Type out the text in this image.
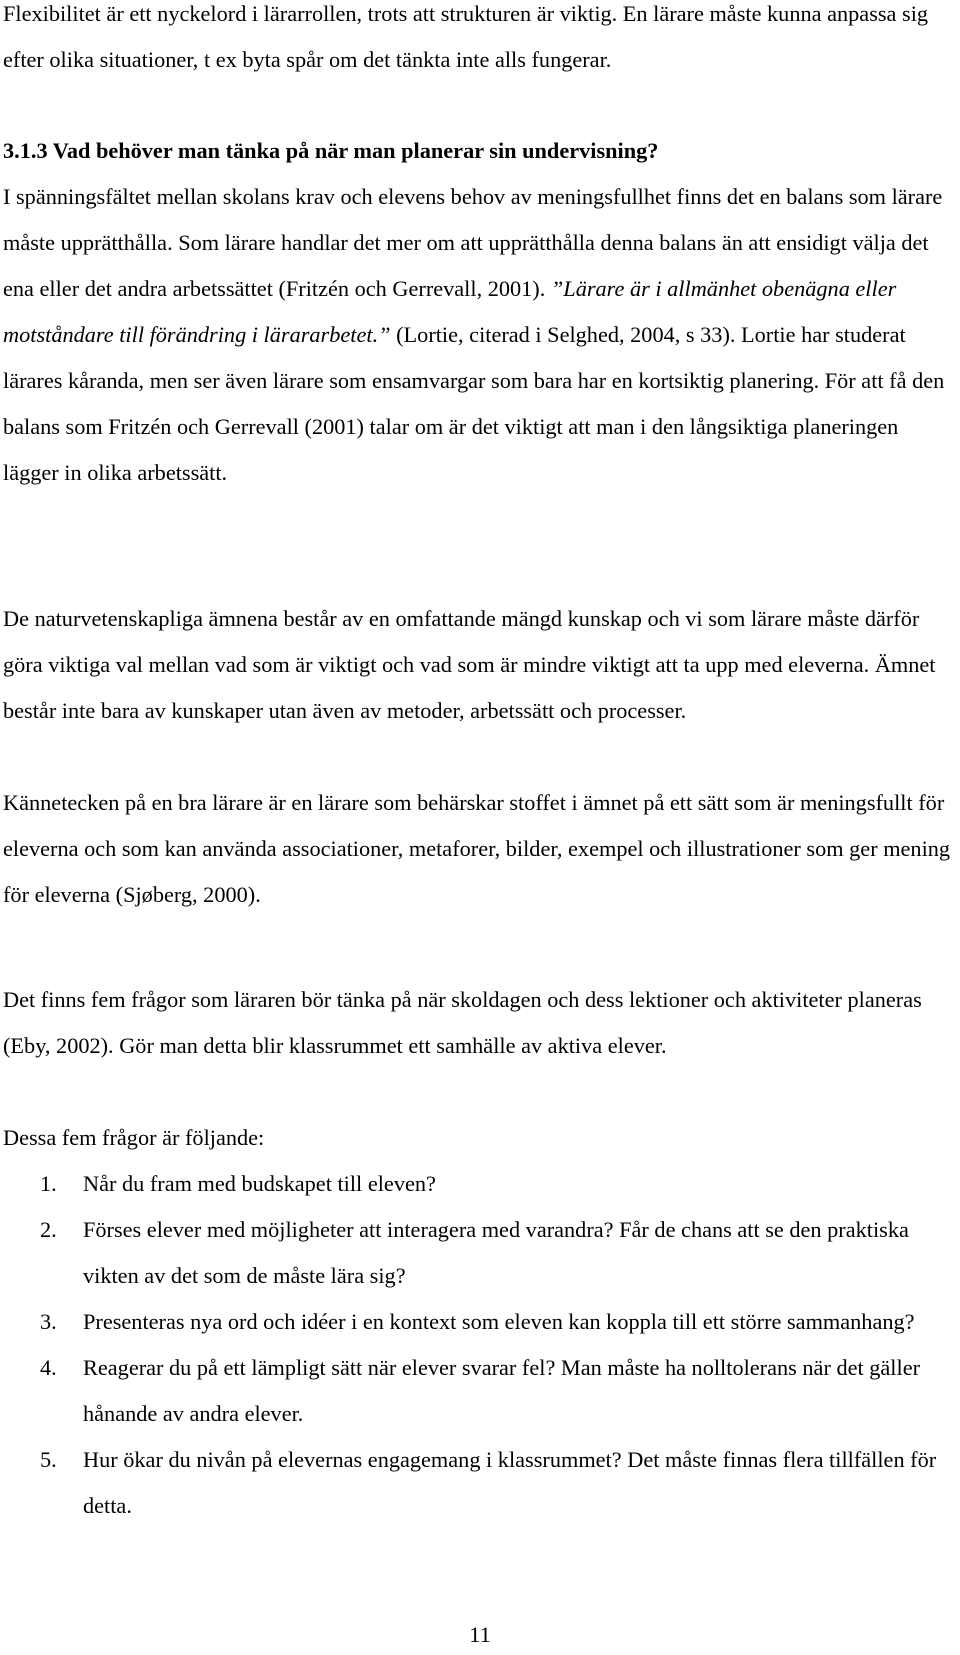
Flexibilitet är ett nyckelord i lärarrollen, trots att strukturen är viktig. En lärare måste kunna anpassa sig efter olika situationer, t ex byta spår om det tänkta inte alls fungerar.

3.1.3 Vad behöver man tänka på när man planerar sin undervisning?

I spänningsfältet mellan skolans krav och elevens behov av meningsfullhet finns det en balans som lärare måste upprätthålla. Som lärare handlar det mer om att upprätthålla denna balans än att ensidigt välja det ena eller det andra arbetssättet (Fritzén och Gerrevall, 2001). ”Lärare är i allmänhet obenägna eller motståndare till förändring i lärararbetet.” (Lortie, citerad i Selghed, 2004, s 33). Lortie har studerat lärares kåranda, men ser även lärare som ensamvargar som bara har en kortsiktig planering. För att få den balans som Fritzén och Gerrevall (2001) talar om är det viktigt att man i den långsiktiga planeringen lägger in olika arbetssätt.

De naturvetenskapliga ämnena består av en omfattande mängd kunskap och vi som lärare måste därför göra viktiga val mellan vad som är viktigt och vad som är mindre viktigt att ta upp med eleverna. Ämnet består inte bara av kunskaper utan även av metoder, arbetssätt och processer.

Kännetecken på en bra lärare är en lärare som behärskar stoffet i ämnet på ett sätt som är meningsfullt för eleverna och som kan använda associationer, metaforer, bilder, exempel och illustrationer som ger mening för eleverna (Sjøberg, 2000).

Det finns fem frågor som läraren bör tänka på när skoldagen och dess lektioner och aktiviteter planeras (Eby, 2002). Gör man detta blir klassrummet ett samhälle av aktiva elever.

Dessa fem frågor är följande:

1. Når du fram med budskapet till eleven?
2. Förses elever med möjligheter att interagera med varandra? Får de chans att se den praktiska vikten av det som de måste lära sig?
3. Presenteras nya ord och idéer i en kontext som eleven kan koppla till ett större sammanhang?
4. Reagerar du på ett lämpligt sätt när elever svarar fel? Man måste ha nolltolerans när det gäller hånande av andra elever.
5. Hur ökar du nivån på elevernas engagemang i klassrummet? Det måste finnas flera tillfällen för detta.
11
